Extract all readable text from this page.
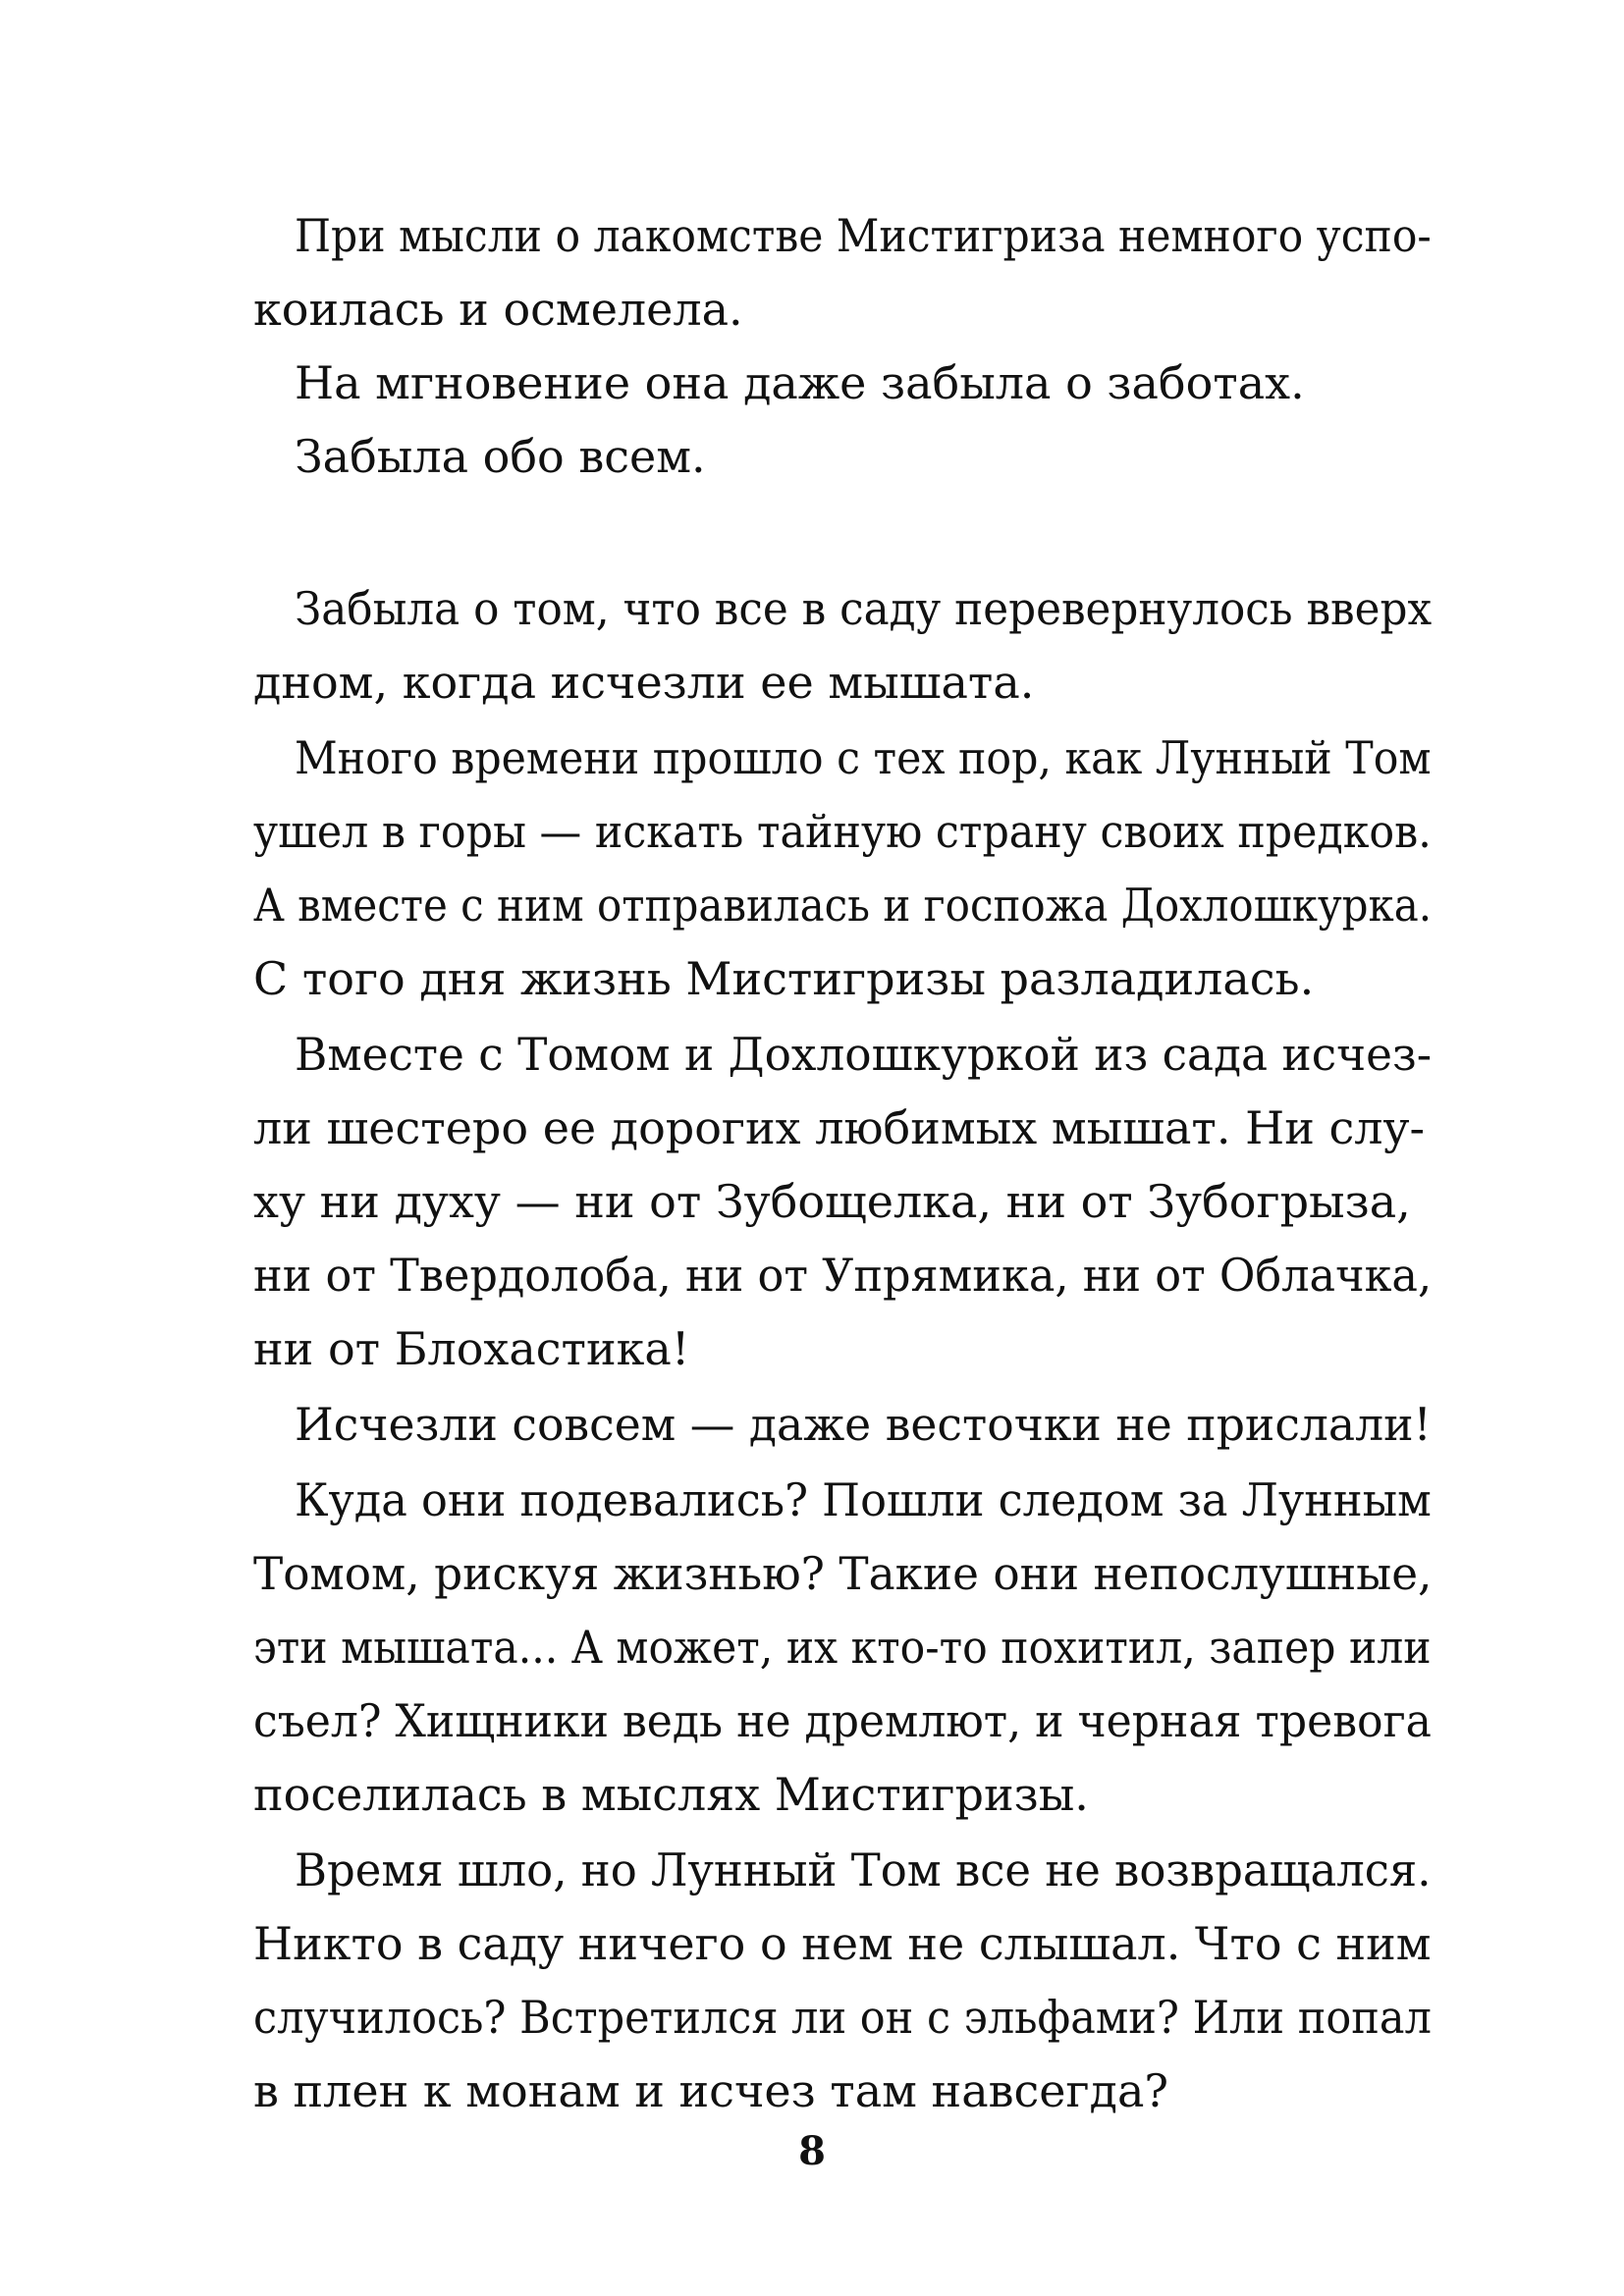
При мысли о лакомстве Мистигриза немного успо-
коилась и осмелела.
На мгновение она даже забыла о заботах.
Забыла обо всем.
Забыла о том, что все в саду перевернулось вверх
дном, когда исчезли ее мышата.
Много времени прошло с тех пор, как Лунный Том
ушел в горы — искать тайную страну своих предков.
А вместе с ним отправилась и госпожа Дохлошкурка.
С того дня жизнь Мистигризы разладилась.
Вместе с Томом и Дохлошкуркой из сада исчез-
ли шестеро ее дорогих любимых мышат. Ни слу-
ху ни духу — ни от Зубощелка, ни от Зубогрыза,
ни от Твердолоба, ни от Упрямика, ни от Облачка,
ни от Блохастика!
Исчезли совсем — даже весточки не прислали!
Куда они подевались? Пошли следом за Лунным
Томом, рискуя жизнью? Такие они непослушные,
эти мышата... А может, их кто-то похитил, запер или
съел? Хищники ведь не дремлют, и черная тревога
поселилась в мыслях Мистигризы.
Время шло, но Лунный Том все не возвращался.
Никто в саду ничего о нем не слышал. Что с ним
случилось? Встретился ли он с эльфами? Или попал
в плен к монам и исчез там навсегда?
8
